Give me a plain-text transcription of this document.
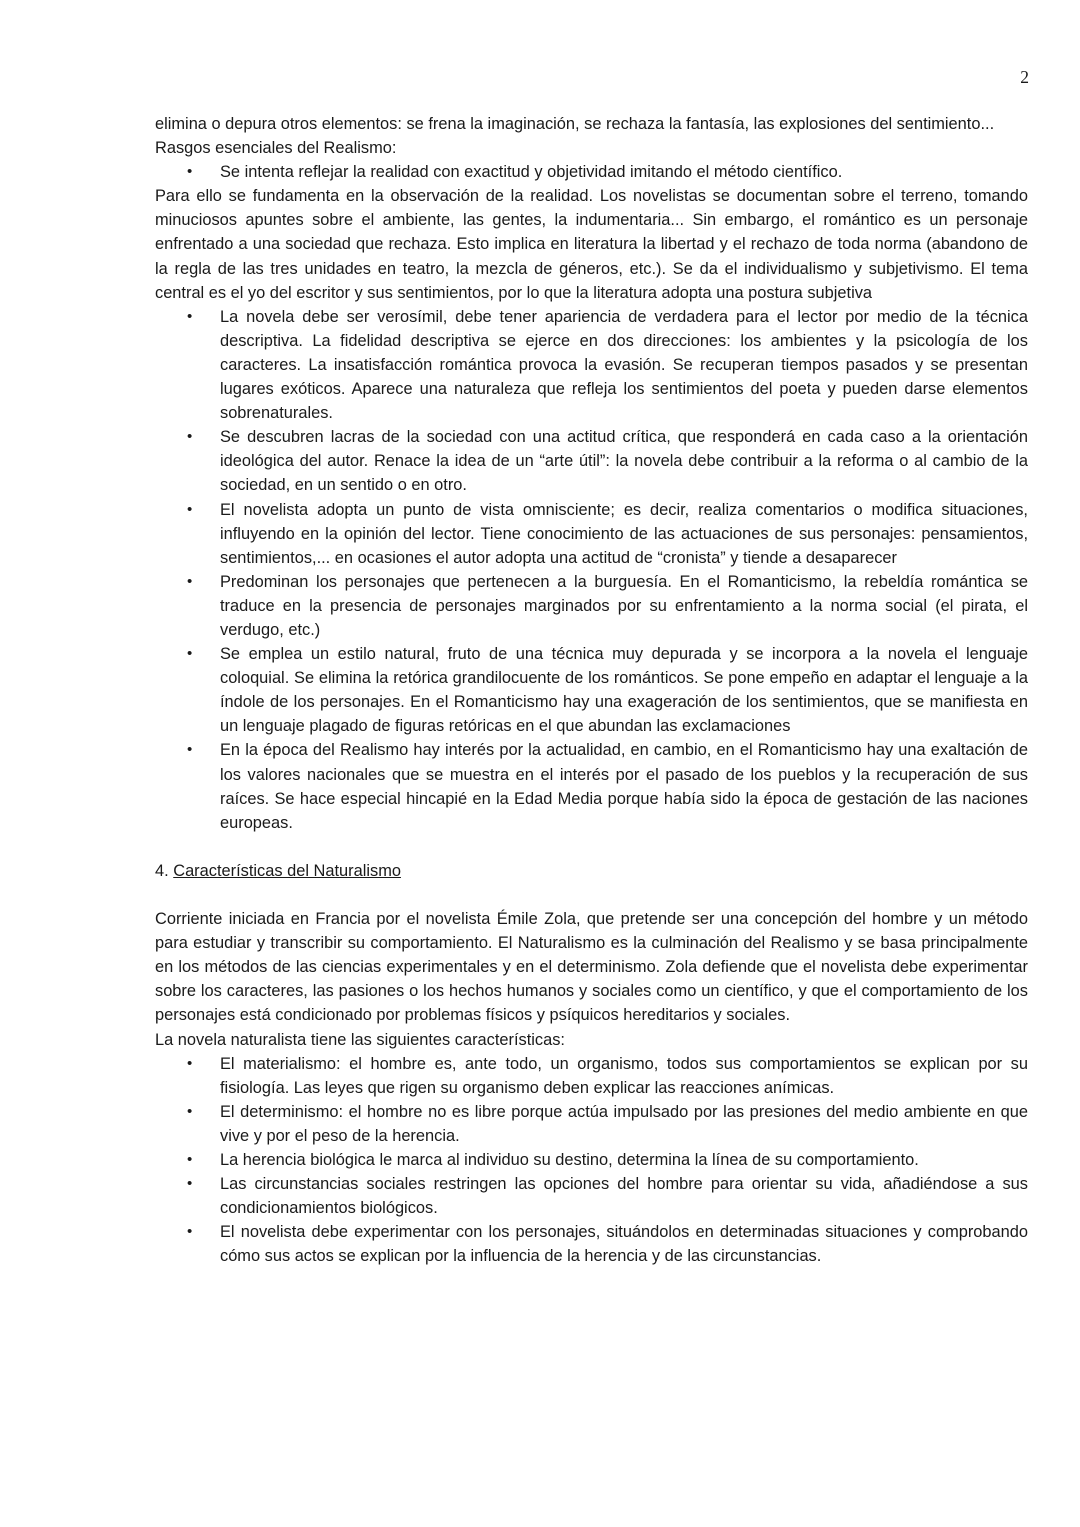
2

elimina o depura otros elementos: se frena la imaginación, se rechaza la fantasía, las explosiones del sentimiento...

Rasgos esenciales del Realismo:

• Se intenta reflejar la realidad con exactitud y objetividad imitando el método científico.

Para ello se fundamenta en la observación de la realidad. Los novelistas se documentan sobre el terreno, tomando minuciosos apuntes sobre el ambiente, las gentes, la indumentaria... Sin embargo, el romántico es un personaje enfrentado a una sociedad que rechaza. Esto implica en literatura la libertad y el rechazo de toda norma (abandono de la regla de las tres unidades en teatro, la mezcla de géneros, etc.). Se da el individualismo y subjetivismo. El tema central es el yo del escritor y sus sentimientos, por lo que la literatura adopta una postura subjetiva

• La novela debe ser verosímil, debe tener apariencia de verdadera para el lector por medio de la técnica descriptiva. La fidelidad descriptiva se ejerce en dos direcciones: los ambientes y la psicología de los caracteres. La insatisfacción romántica provoca la evasión. Se recuperan tiempos pasados y se presentan lugares exóticos. Aparece una naturaleza que refleja los sentimientos del poeta y pueden darse elementos sobrenaturales.
• Se descubren lacras de la sociedad con una actitud crítica, que responderá en cada caso a la orientación ideológica del autor. Renace la idea de un “arte útil”: la novela debe contribuir a la reforma o al cambio de la sociedad, en un sentido o en otro.
• El novelista adopta un punto de vista omnisciente; es decir, realiza comentarios o modifica situaciones, influyendo en la opinión del lector. Tiene conocimiento de las actuaciones de sus personajes: pensamientos, sentimientos,... en ocasiones el autor adopta una actitud de “cronista” y tiende a desaparecer
• Predominan los personajes que pertenecen a la burguesía. En el Romanticismo, la rebeldía romántica se traduce en la presencia de personajes marginados por su enfrentamiento a la norma social (el pirata, el verdugo, etc.)
• Se emplea un estilo natural, fruto de una técnica muy depurada y se incorpora a la novela el lenguaje coloquial. Se elimina la retórica grandilocuente de los románticos. Se pone empeño en adaptar el lenguaje a la índole de los personajes. En el Romanticismo hay una exageración de los sentimientos, que se manifiesta en un lenguaje plagado de figuras retóricas en el que abundan las exclamaciones
• En la época del Realismo hay interés por la actualidad, en cambio, en el Romanticismo hay una exaltación de los valores nacionales que se muestra en el interés por el pasado de los pueblos y la recuperación de sus raíces. Se hace especial hincapié en la Edad Media porque había sido la época de gestación de las naciones europeas.

4. Características del Naturalismo

Corriente iniciada en Francia por el novelista Émile Zola, que pretende ser una concepción del hombre y un método para estudiar y transcribir su comportamiento. El Naturalismo es la culminación del Realismo y se basa principalmente en los métodos de las ciencias experimentales y en el determinismo. Zola defiende que el novelista debe experimentar sobre los caracteres, las pasiones o los hechos humanos y sociales como un científico, y que el comportamiento de los personajes está condicionado por problemas físicos y psíquicos hereditarios y sociales.

La novela naturalista tiene las siguientes características:

• El materialismo: el hombre es, ante todo, un organismo, todos sus comportamientos se explican por su fisiología. Las leyes que rigen su organismo deben explicar las reacciones anímicas.
• El determinismo: el hombre no es libre porque actúa impulsado por las presiones del medio ambiente en que vive y por el peso de la herencia.
• La herencia biológica le marca al individuo su destino, determina la línea de su comportamiento.
• Las circunstancias sociales restringen las opciones del hombre para orientar su vida, añadiéndose a sus condicionamientos biológicos.
• El novelista debe experimentar con los personajes, situándolos en determinadas situaciones y comprobando cómo sus actos se explican por la influencia de la herencia y de las circunstancias.
